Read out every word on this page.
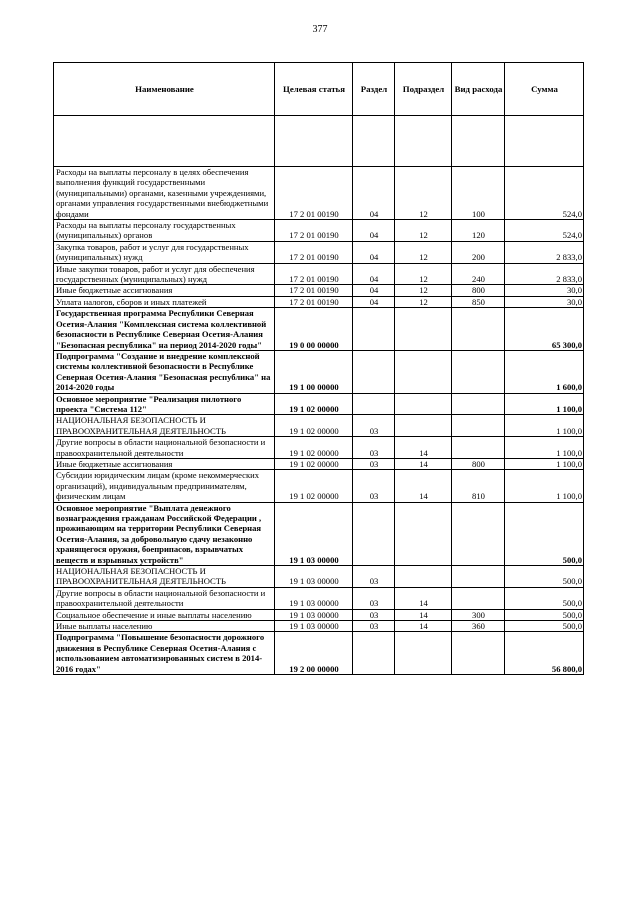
377
Наименование	Целевая статья	Раздел	Подраздел	Вид расхода	Сумма

Расходы на выплаты персоналу в целях обеспечения выполнения функций государственными (муниципальными) органами, казенными учреждениями, органами управления государственными внебюджетными фондами	17 2 01 00190	04	12	100	524,0
Расходы на выплаты персоналу государственных (муниципальных) органов	17 2 01 00190	04	12	120	524,0
Закупка товаров, работ и услуг для государственных (муниципальных) нужд	17 2 01 00190	04	12	200	2 833,0
Иные закупки товаров, работ и услуг для обеспечения государственных (муниципальных) нужд	17 2 01 00190	04	12	240	2 833,0
Иные бюджетные ассигнования	17 2 01 00190	04	12	800	30,0
Уплата налогов, сборов и иных платежей	17 2 01 00190	04	12	850	30,0
Государственная программа Республики Северная Осетия-Алания "Комплексная система коллективной безопасности в Республике Северная Осетия-Алания "Безопасная республика" на период 2014-2020 годы"	19 0 00 00000				65 300,0
Подпрограмма "Создание и внедрение комплексной системы коллективной безопасности в Республике Северная Осетия-Алания "Безопасная республика" на 2014-2020 годы	19 1 00 00000				1 600,0
Основное мероприятие "Реализация пилотного проекта "Система 112"	19 1 02 00000				1 100,0
НАЦИОНАЛЬНАЯ БЕЗОПАСНОСТЬ И ПРАВООХРАНИТЕЛЬНАЯ ДЕЯТЕЛЬНОСТЬ	19 1 02 00000	03			1 100,0
Другие вопросы в области национальной безопасности и правоохранительной деятельности	19 1 02 00000	03	14		1 100,0
Иные бюджетные ассигнования	19 1 02 00000	03	14	800	1 100,0
Субсидии юридическим лицам (кроме некоммерческих организаций), индивидуальным предпринимателям, физическим лицам	19 1 02 00000	03	14	810	1 100,0
Основное мероприятие "Выплата денежного вознаграждения гражданам Российской Федерации , проживающим на территории Республики Северная Осетия-Алания, за добровольную сдачу незаконно хранящегося оружия, боеприпасов, взрывчатых веществ и взрывных устройств"	19 1 03 00000				500,0
НАЦИОНАЛЬНАЯ БЕЗОПАСНОСТЬ И ПРАВООХРАНИТЕЛЬНАЯ ДЕЯТЕЛЬНОСТЬ	19 1 03 00000	03			500,0
Другие вопросы в области национальной безопасности и правоохранительной деятельности	19 1 03 00000	03	14		500,0
Социальное обеспечение и иные выплаты населению	19 1 03 00000	03	14	300	500,0
Иные выплаты населению	19 1 03 00000	03	14	360	500,0
Подпрограмма "Повышение безопасности дорожного движения в Республике Северная Осетия-Алания с использованием автоматизированных систем в 2014-2016 годах"	19 2 00 00000				56 800,0
